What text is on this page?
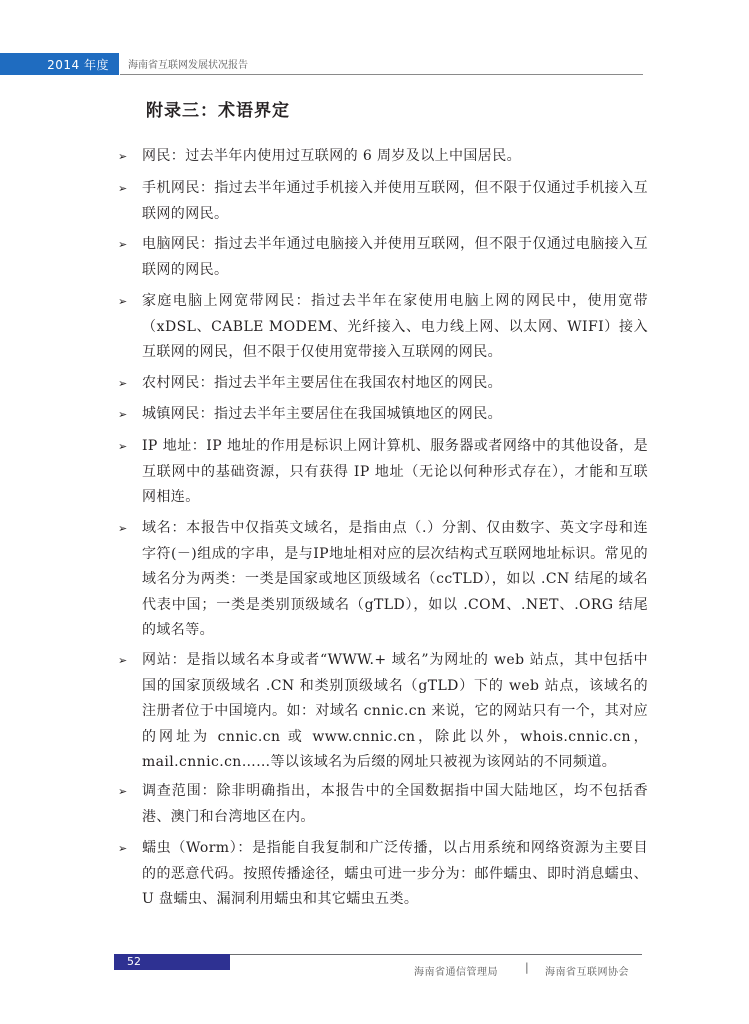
2014 年度 海南省互联网发展状况报告
附录三：术语界定
➢ 网民：过去半年内使用过互联网的 6 周岁及以上中国居民。
➢ 手机网民：指过去半年通过手机接入并使用互联网，但不限于仅通过手机接入互联网的网民。
➢ 电脑网民：指过去半年通过电脑接入并使用互联网，但不限于仅通过电脑接入互联网的网民。
➢ 家庭电脑上网宽带网民：指过去半年在家使用电脑上网的网民中，使用宽带（xDSL、CABLE MODEM、光纤接入、电力线上网、以太网、WIFI）接入互联网的网民，但不限于仅使用宽带接入互联网的网民。
➢ 农村网民：指过去半年主要居住在我国农村地区的网民。
➢ 城镇网民：指过去半年主要居住在我国城镇地区的网民。
➢ IP 地址：IP 地址的作用是标识上网计算机、服务器或者网络中的其他设备，是互联网中的基础资源，只有获得 IP 地址（无论以何种形式存在），才能和互联网相连。
➢ 域名：本报告中仅指英文域名，是指由点（.）分割、仅由数字、英文字母和连字符(－)组成的字串，是与IP地址相对应的层次结构式互联网地址标识。常见的域名分为两类：一类是国家或地区顶级域名（ccTLD），如以 .CN 结尾的域名代表中国；一类是类别顶级域名（gTLD），如以 .COM、.NET、.ORG 结尾的域名等。
➢ 网站：是指以域名本身或者“WWW.+ 域名”为网址的 web 站点，其中包括中国的国家顶级域名 .CN 和类别顶级域名（gTLD）下的 web 站点，该域名的注册者位于中国境内。如：对域名 cnnic.cn 来说，它的网站只有一个，其对应的网址为 cnnic.cn 或 www.cnnic.cn，除此以外，whois.cnnic.cn，mail.cnnic.cn……等以该域名为后缀的网址只被视为该网站的不同频道。
➢ 调查范围：除非明确指出，本报告中的全国数据指中国大陆地区，均不包括香港、澳门和台湾地区在内。
➢ 蠕虫（Worm）：是指能自我复制和广泛传播，以占用系统和网络资源为主要目的的恶意代码。按照传播途径，蠕虫可进一步分为：邮件蠕虫、即时消息蠕虫、U 盘蠕虫、漏洞利用蠕虫和其它蠕虫五类。
52
海南省通信管理局 | 海南省互联网协会
